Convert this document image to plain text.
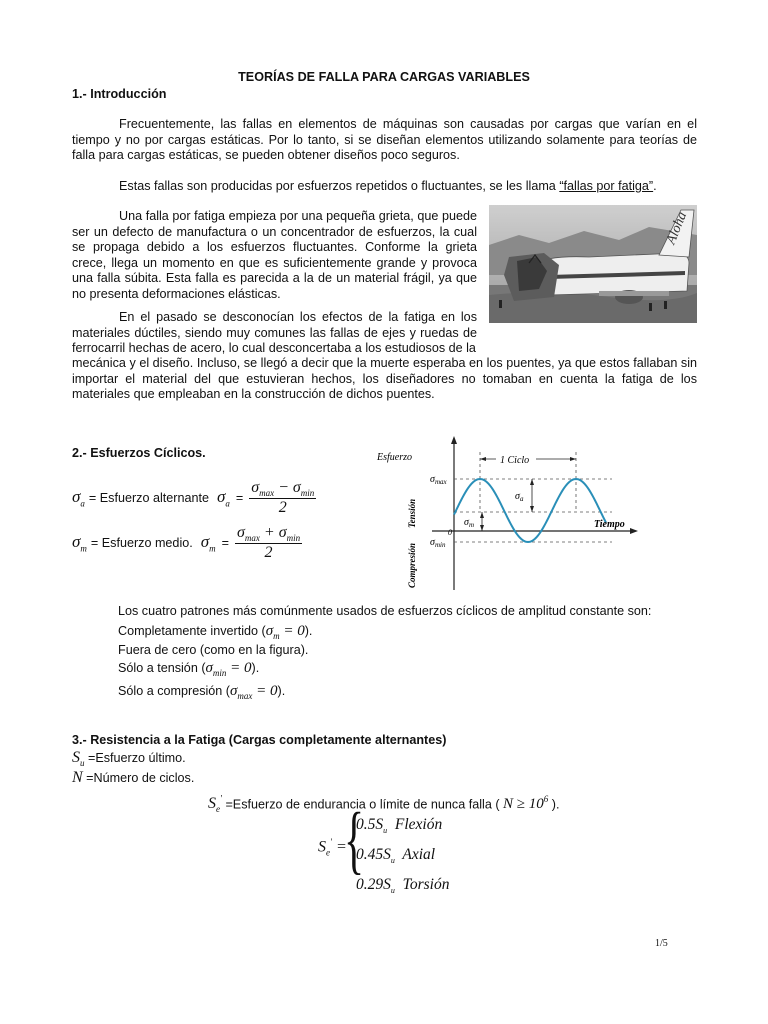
TEORÍAS DE FALLA PARA CARGAS VARIABLES
1.- Introducción

Frecuentemente, las fallas en elementos de máquinas son causadas por cargas que varían en el tiempo y no por cargas estáticas. Por lo tanto, si se diseñan elementos utilizando solamente para teorías de falla para cargas estáticas, se pueden obtener diseños poco seguros.

Estas fallas son producidas por esfuerzos repetidos o fluctuantes, se les llama “fallas por fatiga”.

Una falla por fatiga empieza por una pequeña grieta, que puede ser un defecto de manufactura o un concentrador de esfuerzos, la cual se propaga debido a los esfuerzos fluctuantes. Conforme la grieta crece, llega un momento en que es suficientemente grande y provoca una falla súbita. Esta falla es parecida a la de un material frágil, ya que no presenta deformaciones elásticas.

En el pasado se desconocían los efectos de la fatiga en los materiales dúctiles, siendo muy comunes las fallas de ejes y ruedas de ferrocarril hechas de acero, lo cual desconcertaba a los estudiosos de la

mecánica y el diseño. Incluso, se llegó a decir que la muerte esperaba en los puentes, ya que estos fallaban sin importar el material del que estuvieran hechos, los diseñadores no tomaban en cuenta la fatiga de los materiales que empleaban en la construcción de dichos puentes.

Aloha
2.- Esfuerzos Cíclicos.
$\sigma_a$ = Esfuerzo alternante $\sigma_a = \frac{\sigma_{max} - \sigma_{min}}{2}$
$\sigma_m$ = Esfuerzo medio. $\sigma_m = \frac{\sigma_{max} + \sigma_{min}}{2}$
1 Ciclo
$\sigma_a$
$\sigma_m$
Esfuerzo
$\sigma_{max}$
$\sigma_{min}$
0
Tiempo
Tensión
Compresión

Los cuatro patrones más comúnmente usados de esfuerzos cíclicos de amplitud constante son:

Completamente invertido $(\sigma_m = 0)$.
Fuera de cero (como en la figura).
Sólo a tensión $(\sigma_{min} = 0)$.
Sólo a compresión $(\sigma_{max} = 0)$.
3.- Resistencia a la Fatiga (Cargas completamente alternantes)
$S_u$ =Esfuerzo último.
N =Número de ciclos.
$S_e'$ =Esfuerzo de endurancia o límite de nunca falla ( $N \ge 10^6$ ).
$S_e'$ =
{
$0.5S_u$ Flexión
$0.45S_u$ Axial
$0.29S_u$ Torsión
1/5
